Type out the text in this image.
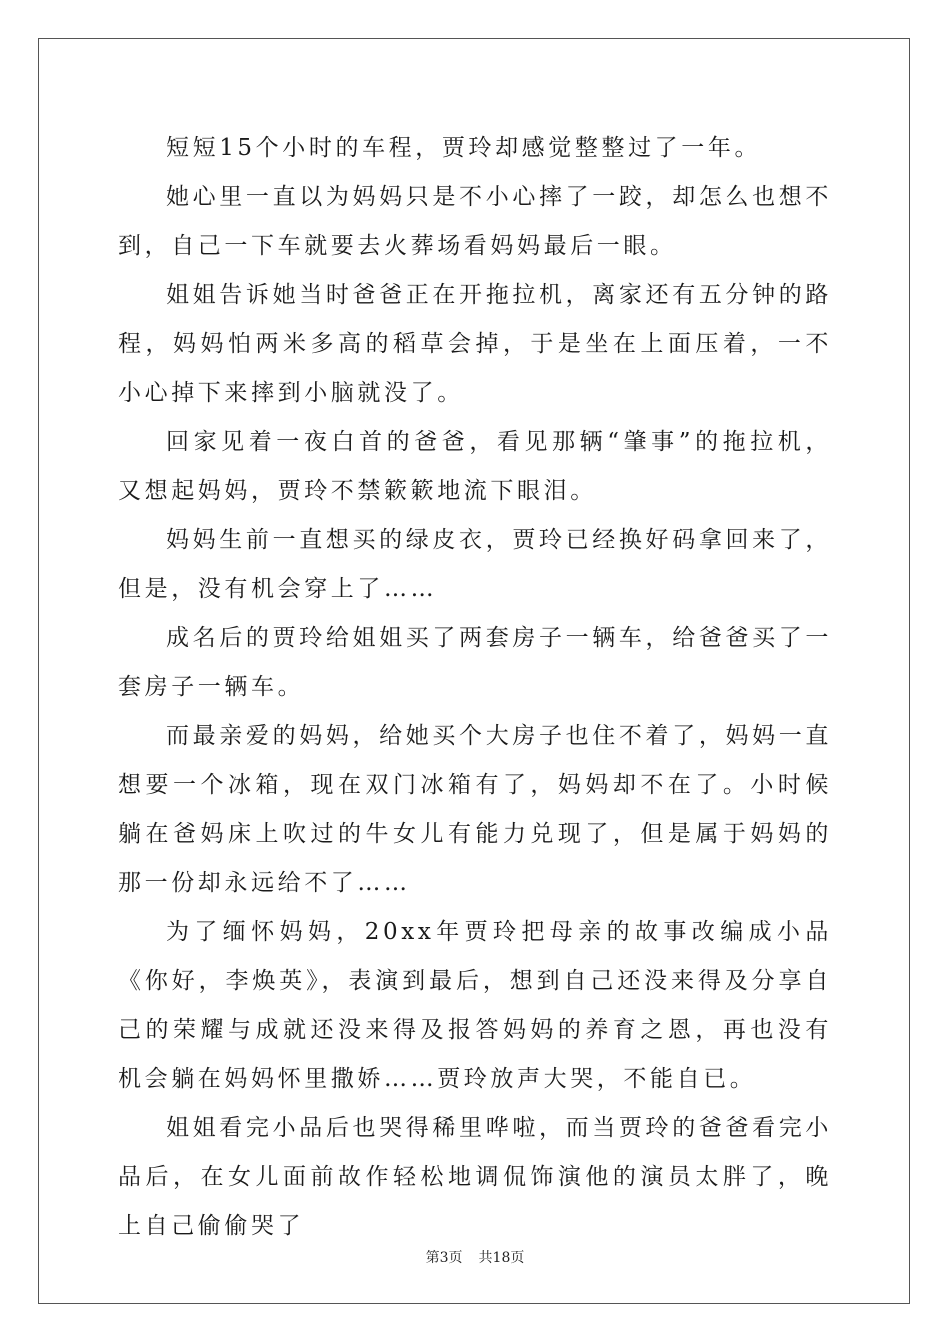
短短15个小时的车程，贾玲却感觉整整过了一年。

她心里一直以为妈妈只是不小心摔了一跤，却怎么也想不到，自己一下车就要去火葬场看妈妈最后一眼。

姐姐告诉她当时爸爸正在开拖拉机，离家还有五分钟的路程，妈妈怕两米多高的稻草会掉，于是坐在上面压着，一不小心掉下来摔到小脑就没了。

回家见着一夜白首的爸爸，看见那辆“肇事”的拖拉机，又想起妈妈，贾玲不禁簌簌地流下眼泪。

妈妈生前一直想买的绿皮衣，贾玲已经换好码拿回来了，但是，没有机会穿上了……

成名后的贾玲给姐姐买了两套房子一辆车，给爸爸买了一套房子一辆车。

而最亲爱的妈妈，给她买个大房子也住不着了，妈妈一直想要一个冰箱，现在双门冰箱有了，妈妈却不在了。小时候躺在爸妈床上吹过的牛女儿有能力兑现了，但是属于妈妈的那一份却永远给不了……

为了缅怀妈妈，20xx年贾玲把母亲的故事改编成小品《你好，李焕英》，表演到最后，想到自己还没来得及分享自己的荣耀与成就还没来得及报答妈妈的养育之恩，再也没有机会躺在妈妈怀里撒娇……贾玲放声大哭，不能自已。

姐姐看完小品后也哭得稀里哗啦，而当贾玲的爸爸看完小品后，在女儿面前故作轻松地调侃饰演他的演员太胖了，晚上自己偷偷哭了

第3页 共18页
